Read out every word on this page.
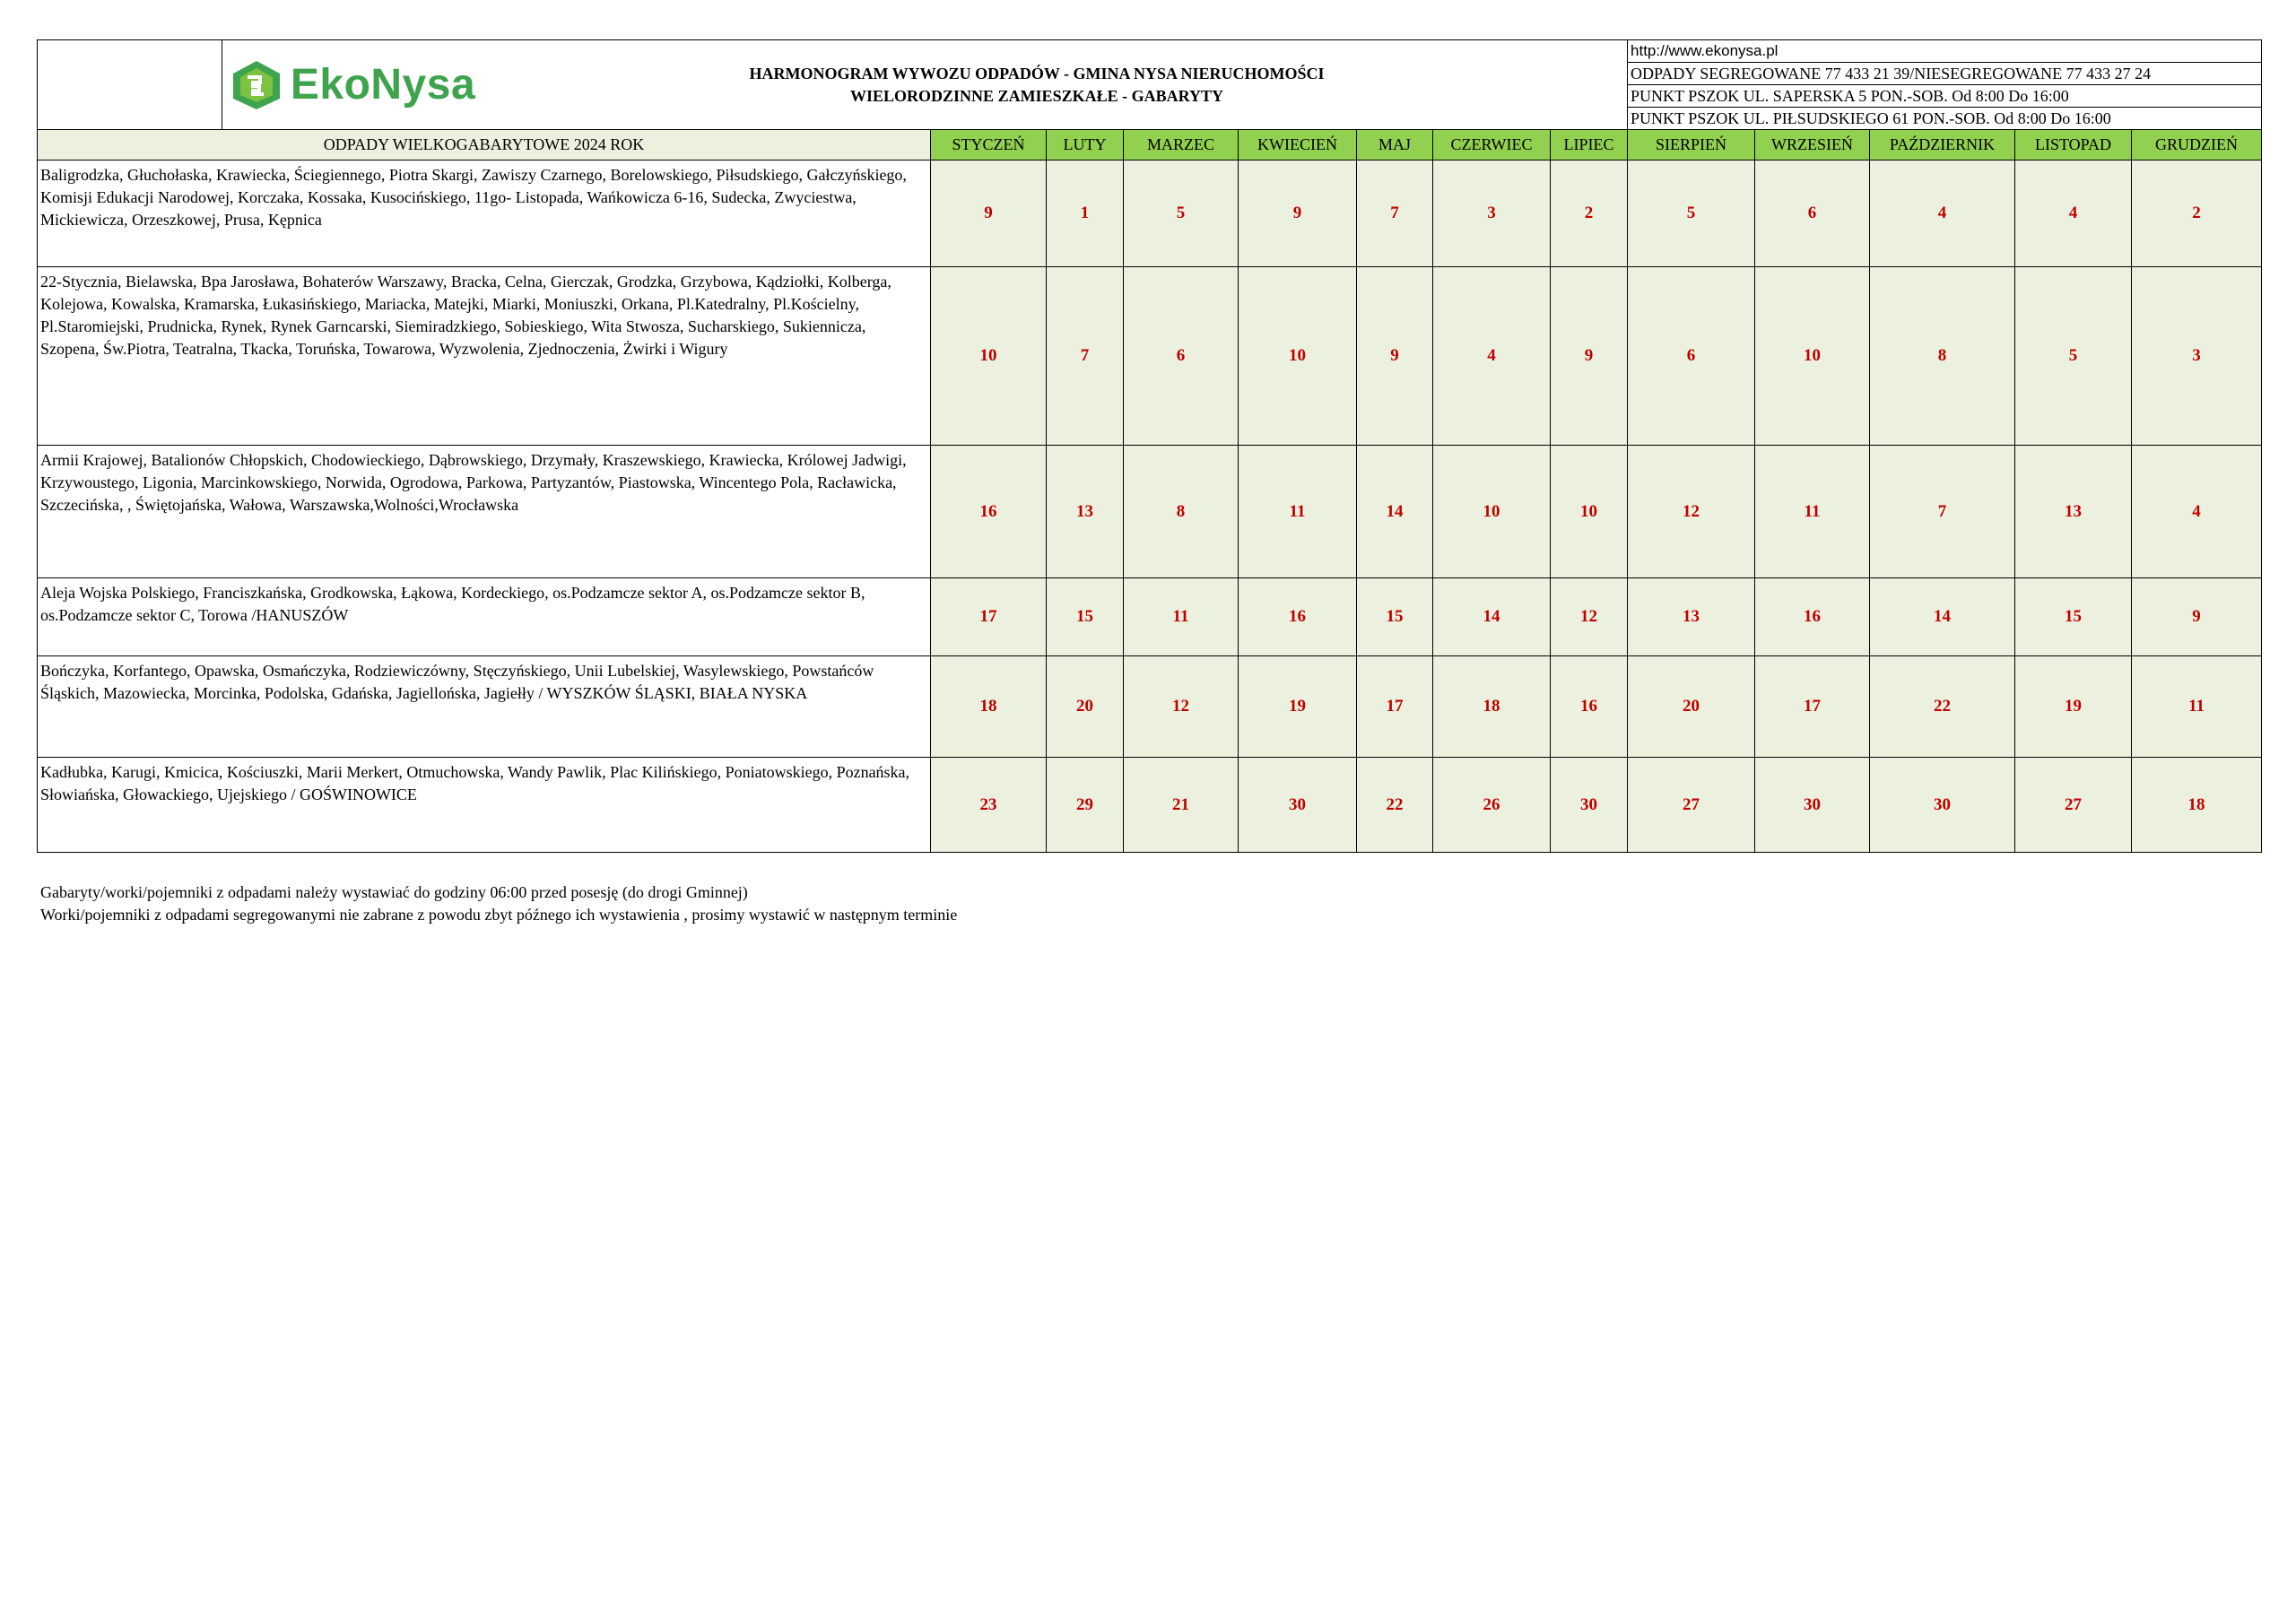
	EkoNysa HARMONOGRAM WYWOZU ODPADÓW - GMINA NYSA NIERUCHOMOŚCI
WIELORODZINNE ZAMIESZKAŁE - GABARYTY								http://www.ekonysa.pl				
									ODPADY SEGREGOWANE 77 433 21 39/NIESEGREGOWANE 77 433 27 24				
									PUNKT PSZOK UL. SAPERSKA 5 PON.-SOB. Od 8:00 Do 16:00				
									PUNKT PSZOK UL. PIŁSUDSKIEGO 61 PON.-SOB. Od 8:00 Do 16:00				
ODPADY WIELKOGABARYTOWE 2024 ROK		STYCZEŃ	LUTY	MARZEC	KWIECIEŃ	MAJ	CZERWIEC	LIPIEC	SIERPIEŃ	WRZESIEŃ	PAŹDZIERNIK	LISTOPAD	GRUDZIEŃ
Baligrodzka, Głuchołaska, Krawiecka, Ściegiennego, Piotra Skargi, Zawiszy Czarnego, Borelowskiego, Piłsudskiego, Gałczyńskiego, Komisji Edukacji Narodowej, Korczaka, Kossaka, Kusocińskiego, 11go- Listopada, Wańkowicza 6-16, Sudecka, Zwyciestwa, Mickiewicza, Orzeszkowej, Prusa, Kępnica		9	1	5	9	7	3	2	5	6	4	4	2
22-Stycznia, Bielawska, Bpa Jarosława, Bohaterów Warszawy, Bracka, Celna, Gierczak, Grodzka, Grzybowa, Kądziołki, Kolberga, Kolejowa, Kowalska, Kramarska, Łukasińskiego, Mariacka, Matejki, Miarki, Moniuszki, Orkana, Pl.Katedralny, Pl.Kościelny, Pl.Staromiejski, Prudnicka, Rynek, Rynek Garncarski, Siemiradzkiego, Sobieskiego, Wita Stwosza, Sucharskiego, Sukiennicza, Szopena, Św.Piotra, Teatralna, Tkacka, Toruńska, Towarowa, Wyzwolenia, Zjednoczenia, Żwirki i Wigury		10	7	6	10	9	4	9	6	10	8	5	3
Armii Krajowej, Batalionów Chłopskich, Chodowieckiego, Dąbrowskiego, Drzymały, Kraszewskiego, Krawiecka, Królowej Jadwigi, Krzywoustego, Ligonia, Marcinkowskiego, Norwida, Ogrodowa, Parkowa, Partyzantów, Piastowska, Wincentego Pola, Racławicka, Szczecińska, , Świętojańska, Wałowa, Warszawska,Wolności,Wrocławska		16	13	8	11	14	10	10	12	11	7	13	4
Aleja Wojska Polskiego, Franciszkańska, Grodkowska, Łąkowa, Kordeckiego, os.Podzamcze sektor A, os.Podzamcze sektor B, os.Podzamcze sektor C, Torowa /HANUSZÓW		17	15	11	16	15	14	12	13	16	14	15	9
Bończyka, Korfantego, Opawska, Osmańczyka, Rodziewiczówny, Stęczyńskiego, Unii Lubelskiej, Wasylewskiego, Powstańców Śląskich, Mazowiecka, Morcinka, Podolska, Gdańska, Jagiellońska, Jagiełły / WYSZKÓW ŚLĄSKI, BIAŁA NYSKA		18	20	12	19	17	18	16	20	17	22	19	11
Kadłubka, Karugi, Kmicica, Kościuszki, Marii Merkert, Otmuchowska, Wandy Pawlik, Plac Kilińskiego, Poniatowskiego, Poznańska, Słowiańska, Głowackiego, Ujejskiego / GOŚWINOWICE		23	29	21	30	22	26	30	27	30	30	27	18
Gabaryty/worki/pojemniki z odpadami należy wystawiać do godziny 06:00 przed posesję (do drogi Gminnej)
Worki/pojemniki z odpadami segregowanymi nie zabrane z powodu zbyt późnego ich wystawienia , prosimy wystawić w następnym terminie
